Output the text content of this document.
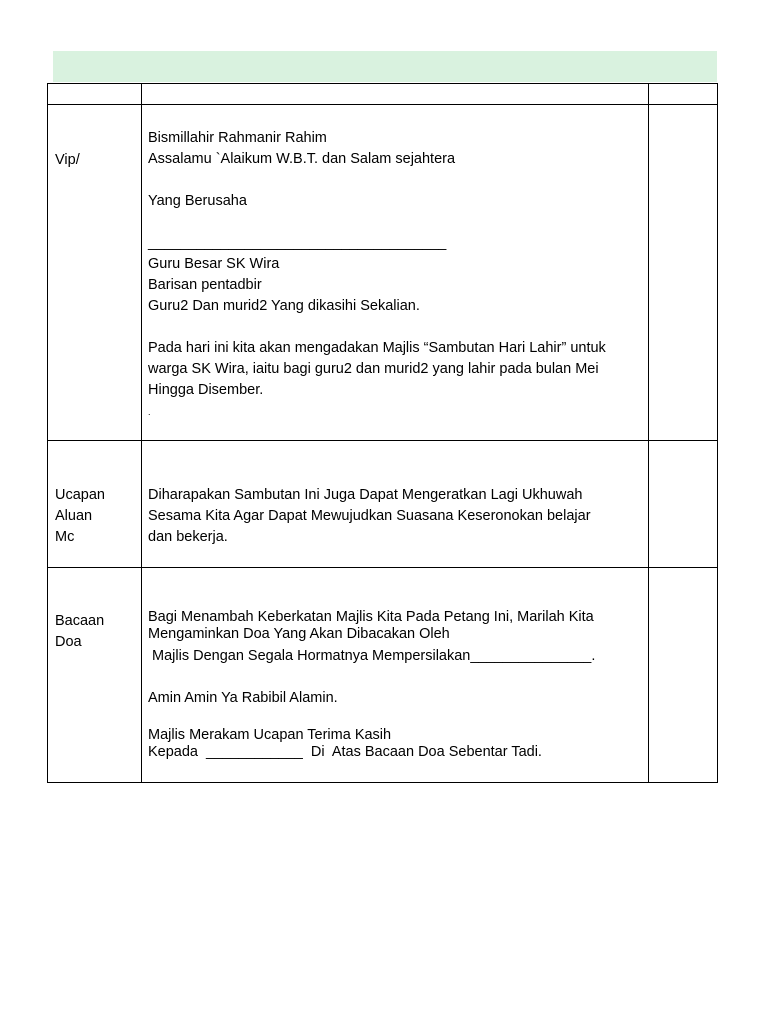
Vip/
Bismillahir Rahmanir Rahim
Assalamu `Alaikum W.B.T. dan Salam sejahtera
Yang Berusaha
_____________________________________
Guru Besar SK Wira
Barisan pentadbir
Guru2 Dan murid2 Yang dikasihi Sekalian.
Pada hari ini kita akan mengadakan Majlis “Sambutan Hari Lahir” untuk
warga SK Wira, iaitu bagi guru2 dan murid2 yang lahir pada bulan Mei
Hingga Disember.
.
Ucapan
Aluan
Mc
Diharapakan Sambutan Ini Juga Dapat Mengeratkan Lagi Ukhuwah
Sesama Kita Agar Dapat Mewujudkan Suasana Keseronokan belajar
dan bekerja.
Bacaan
Doa
Bagi Menambah Keberkatan Majlis Kita Pada Petang Ini, Marilah Kita
Mengaminkan Doa Yang Akan Dibacakan Oleh
Majlis Dengan Segala Hormatnya Mempersilakan_______________.
Amin Amin Ya Rabibil Alamin.
Majlis Merakam Ucapan Terima Kasih
Kepada  ____________  Di  Atas Bacaan Doa Sebentar Tadi.
